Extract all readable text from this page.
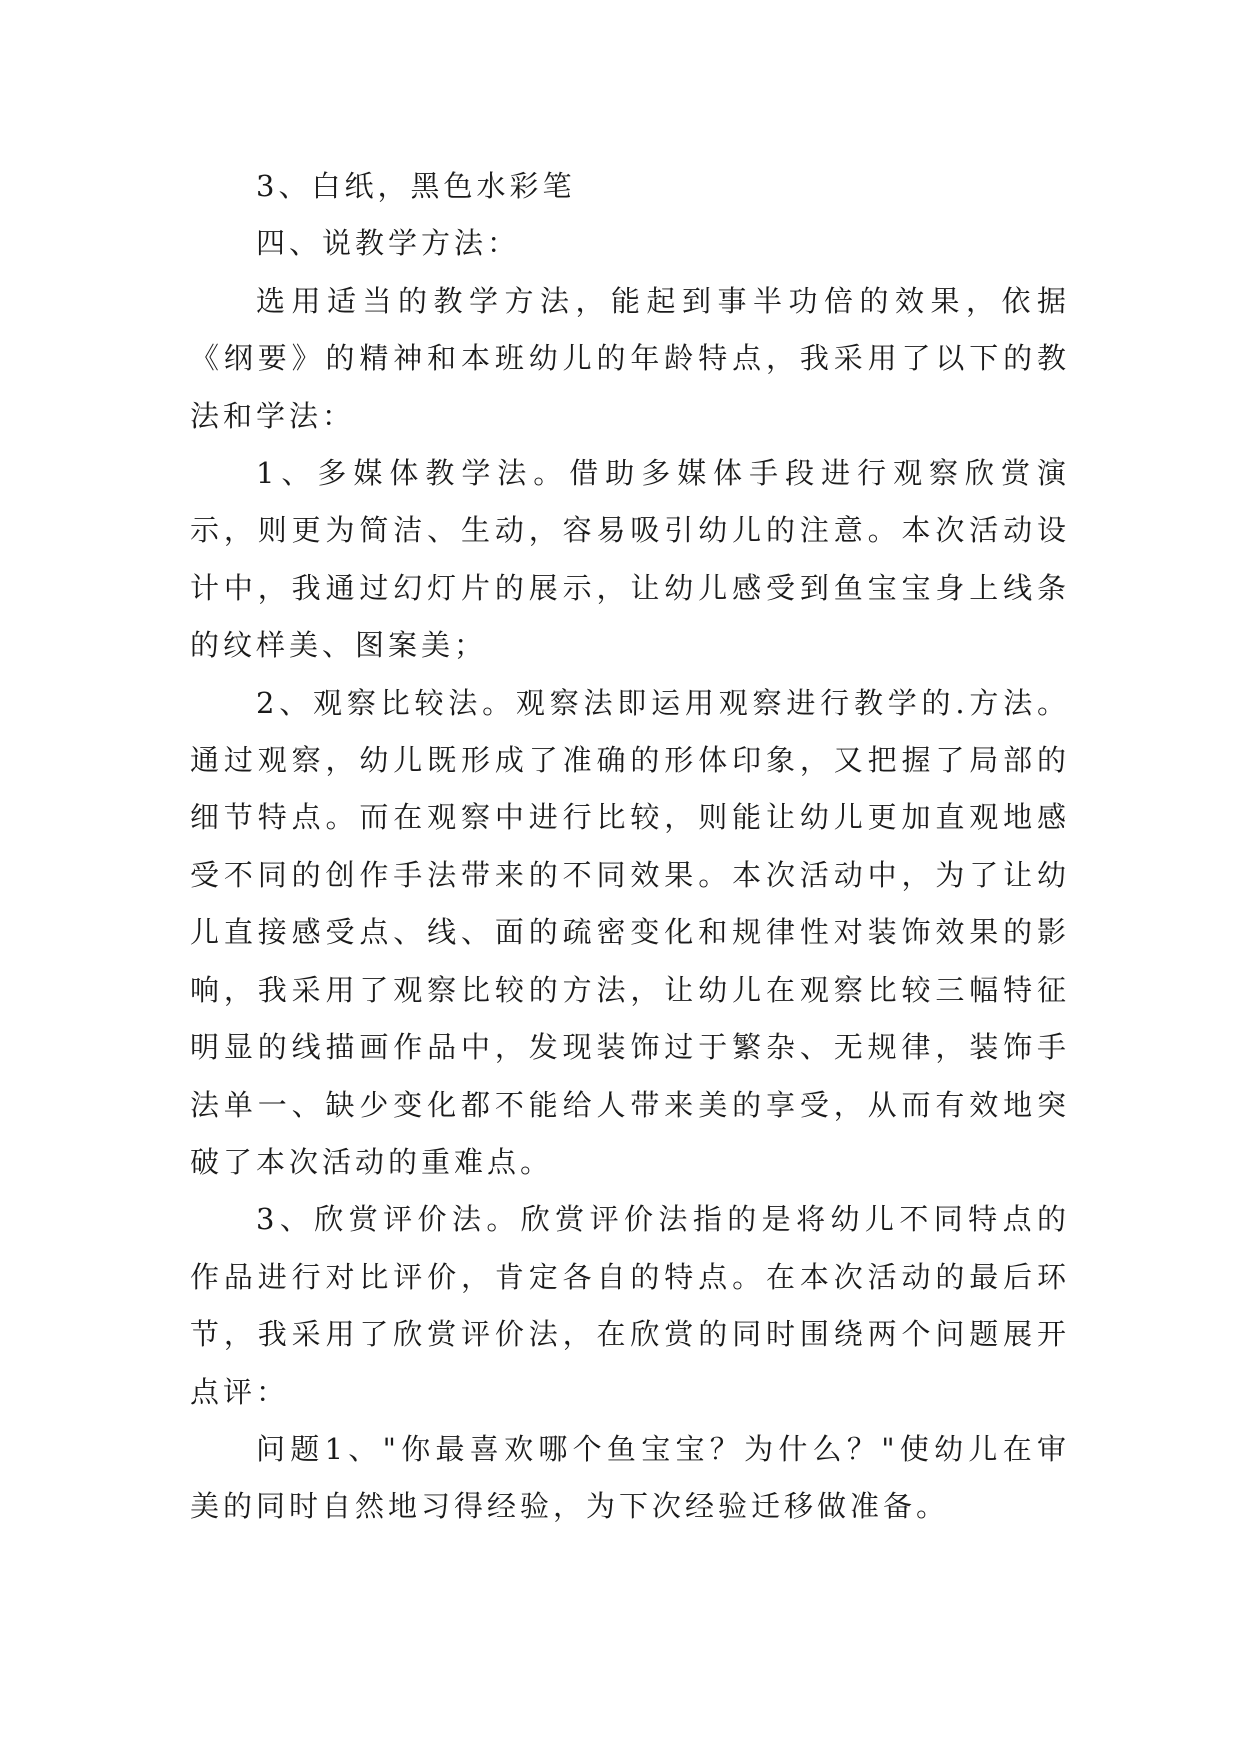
3、白纸，黑色水彩笔

四、说教学方法：

选用适当的教学方法，能起到事半功倍的效果，依据《纲要》的精神和本班幼儿的年龄特点，我采用了以下的教法和学法：

1、多媒体教学法。借助多媒体手段进行观察欣赏演示，则更为简洁、生动，容易吸引幼儿的注意。本次活动设计中，我通过幻灯片的展示，让幼儿感受到鱼宝宝身上线条的纹样美、图案美；

2、观察比较法。观察法即运用观察进行教学的.方法。通过观察，幼儿既形成了准确的形体印象，又把握了局部的细节特点。而在观察中进行比较，则能让幼儿更加直观地感受不同的创作手法带来的不同效果。本次活动中，为了让幼儿直接感受点、线、面的疏密变化和规律性对装饰效果的影响，我采用了观察比较的方法，让幼儿在观察比较三幅特征明显的线描画作品中，发现装饰过于繁杂、无规律，装饰手法单一、缺少变化都不能给人带来美的享受，从而有效地突破了本次活动的重难点。

3、欣赏评价法。欣赏评价法指的是将幼儿不同特点的作品进行对比评价，肯定各自的特点。在本次活动的最后环节，我采用了欣赏评价法，在欣赏的同时围绕两个问题展开点评：

问题1、"你最喜欢哪个鱼宝宝？为什么？"使幼儿在审美的同时自然地习得经验，为下次经验迁移做准备。
